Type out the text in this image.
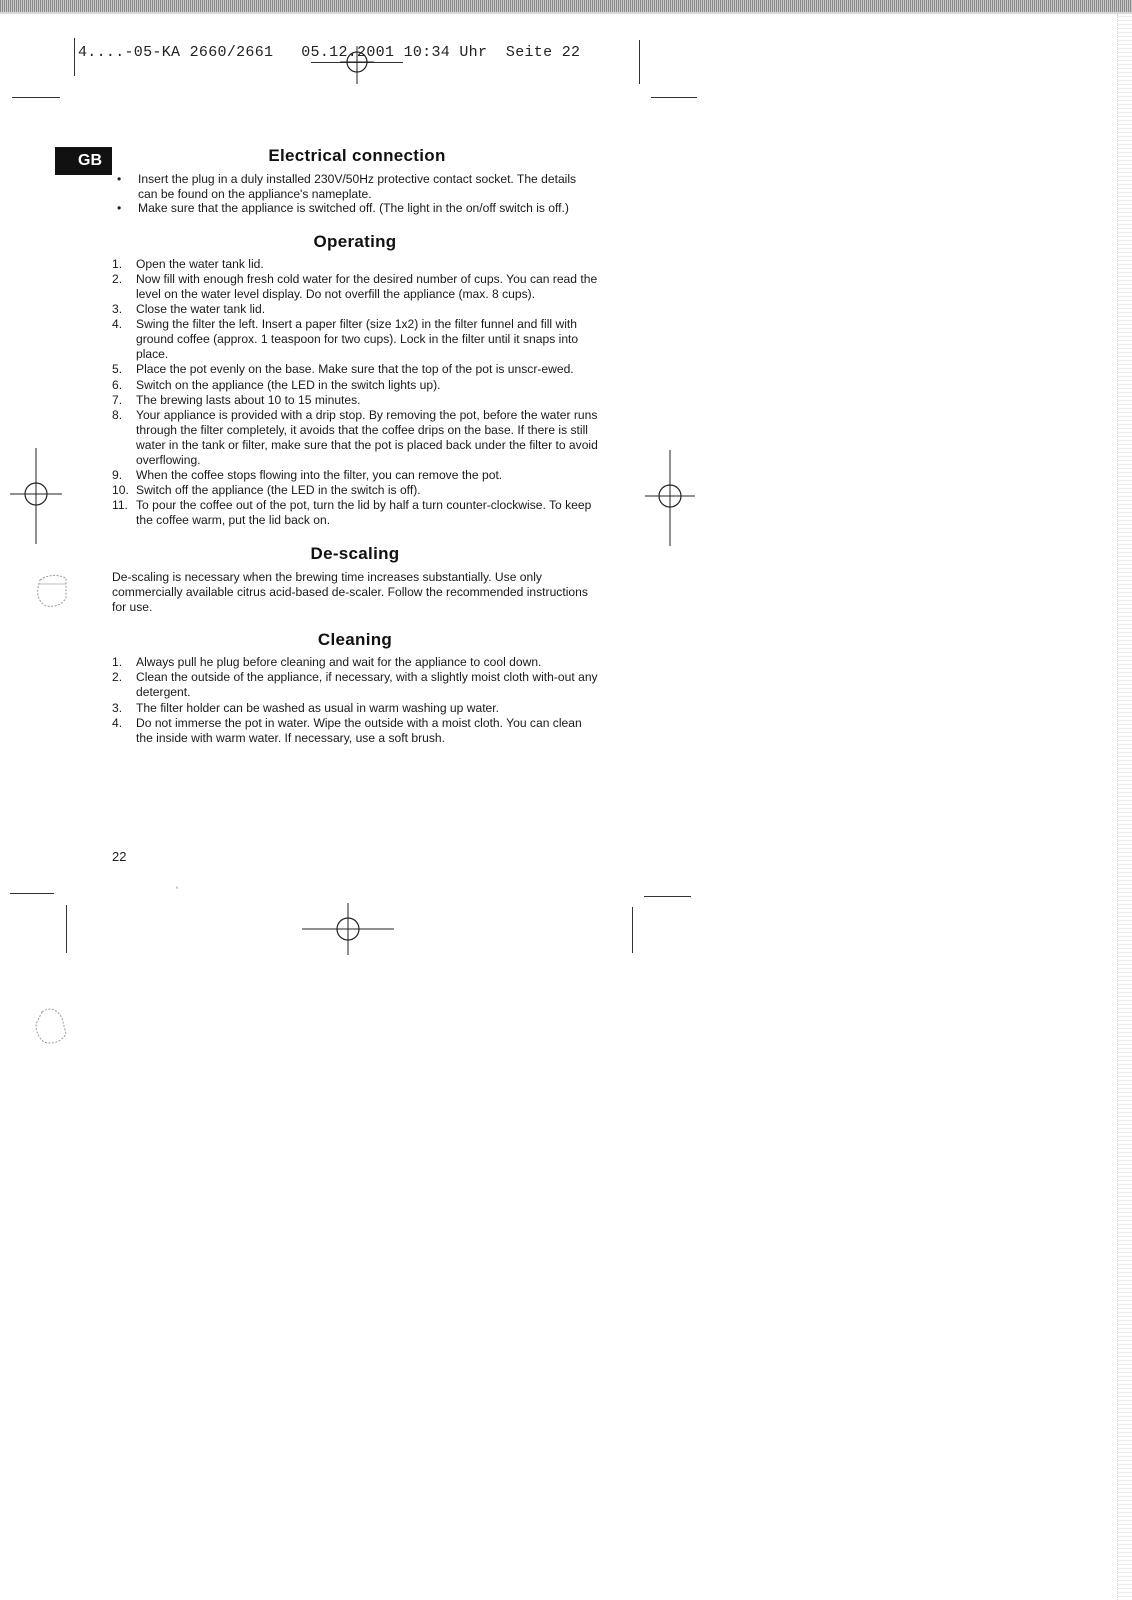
4....-05-KA 2660/2661 05.12.2001 10:34 Uhr Seite 22
GB	Electrical connection
• Insert the plug in a duly installed 230V/50Hz protective contact socket. The details can be found on the appliance's nameplate.
• Make sure that the appliance is switched off. (The light in the on/off switch is off.)
Operating
1. Open the water tank lid.
2. Now fill with enough fresh cold water for the desired number of cups. You can read the level on the water level display. Do not overfill the appliance (max. 8 cups).
3. Close the water tank lid.
4. Swing the filter the left. Insert a paper filter (size 1x2) in the filter funnel and fill with ground coffee (approx. 1 teaspoon for two cups). Lock in the filter until it snaps into place.
5. Place the pot evenly on the base. Make sure that the top of the pot is unscr-ewed.
6. Switch on the appliance (the LED in the switch lights up).
7. The brewing lasts about 10 to 15 minutes.
8. Your appliance is provided with a drip stop. By removing the pot, before the water runs through the filter completely, it avoids that the coffee drips on the base. If there is still water in the tank or filter, make sure that the pot is placed back under the filter to avoid overflowing.
9. When the coffee stops flowing into the filter, you can remove the pot.
10. Switch off the appliance (the LED in the switch is off).
11. To pour the coffee out of the pot, turn the lid by half a turn counter-clockwise. To keep the coffee warm, put the lid back on.
De-scaling
De-scaling is necessary when the brewing time increases substantially. Use only commercially available citrus acid-based de-scaler. Follow the recommended instructions for use.
Cleaning
1. Always pull he plug before cleaning and wait for the appliance to cool down.
2. Clean the outside of the appliance, if necessary, with a slightly moist cloth with-out any detergent.
3. The filter holder can be washed as usual in warm washing up water.
4. Do not immerse the pot in water. Wipe the outside with a moist cloth. You can clean the inside with warm water. If necessary, use a soft brush.
22
‘
